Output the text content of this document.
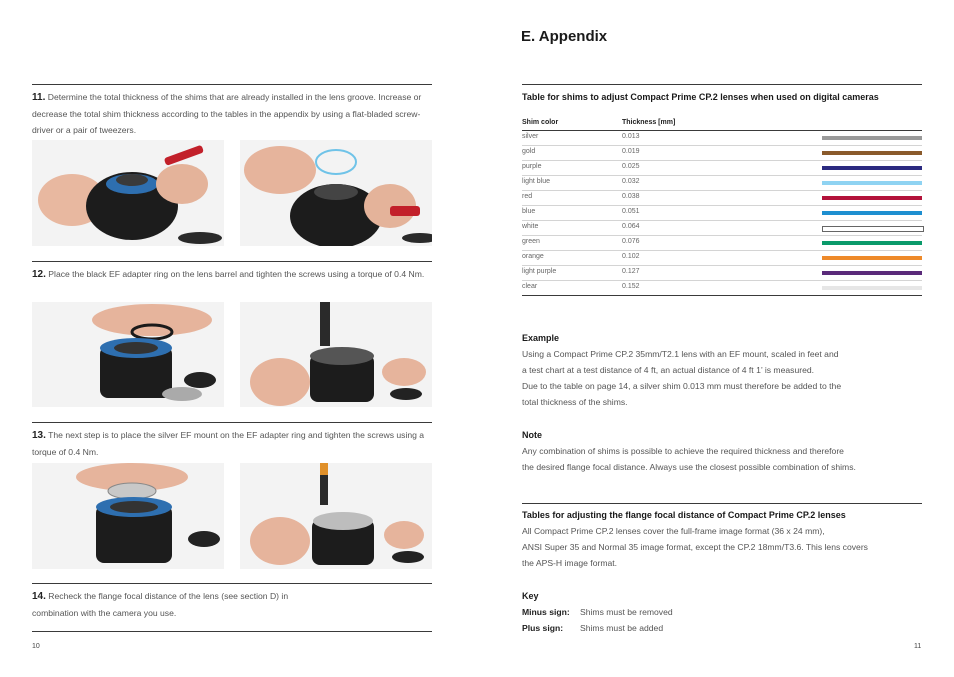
11. Determine the total thickness of the shims that are already installed in the lens groove. Increase or decrease the total shim thickness according to the tables in the appendix by using a flat-bladed screw-driver or a pair of tweezers.
12. Place the black EF adapter ring on the lens barrel and tighten the screws using a torque of 0.4 Nm.
13. The next step is to place the silver EF mount on the EF adapter ring and tighten the screws using a torque of 0.4 Nm.
14. Recheck the flange focal distance of the lens (see section D) in combination with the camera you use.
10
E. Appendix
Table for shims to adjust Compact Prime CP.2 lenses when used on digital cameras
Shim color	Thickness [mm]
silver	0.013
gold	0.019
purple	0.025
light blue	0.032
red	0.038
blue	0.051
white	0.064
green	0.076
orange	0.102
light purple	0.127
clear	0.152
Example
Using a Compact Prime CP.2 35mm/T2.1 lens with an EF mount, scaled in feet and
a test chart at a test distance of 4 ft, an actual distance of 4 ft 1’ is measured.
Due to the table on page 14, a silver shim 0.013 mm must therefore be added to the
total thickness of the shims.
Note
Any combination of shims is possible to achieve the required thickness and therefore
the desired flange focal distance. Always use the closest possible combination of shims.
Tables for adjusting the flange focal distance of Compact Prime CP.2 lenses
All Compact Prime CP.2 lenses cover the full-frame image format (36 x 24 mm),
ANSI Super 35 and Normal 35 image format, except the CP.2 18mm/T3.6. This lens covers
the APS-H image format.
Key
Minus sign: Shims must be removed
Plus sign: Shims must be added
11
